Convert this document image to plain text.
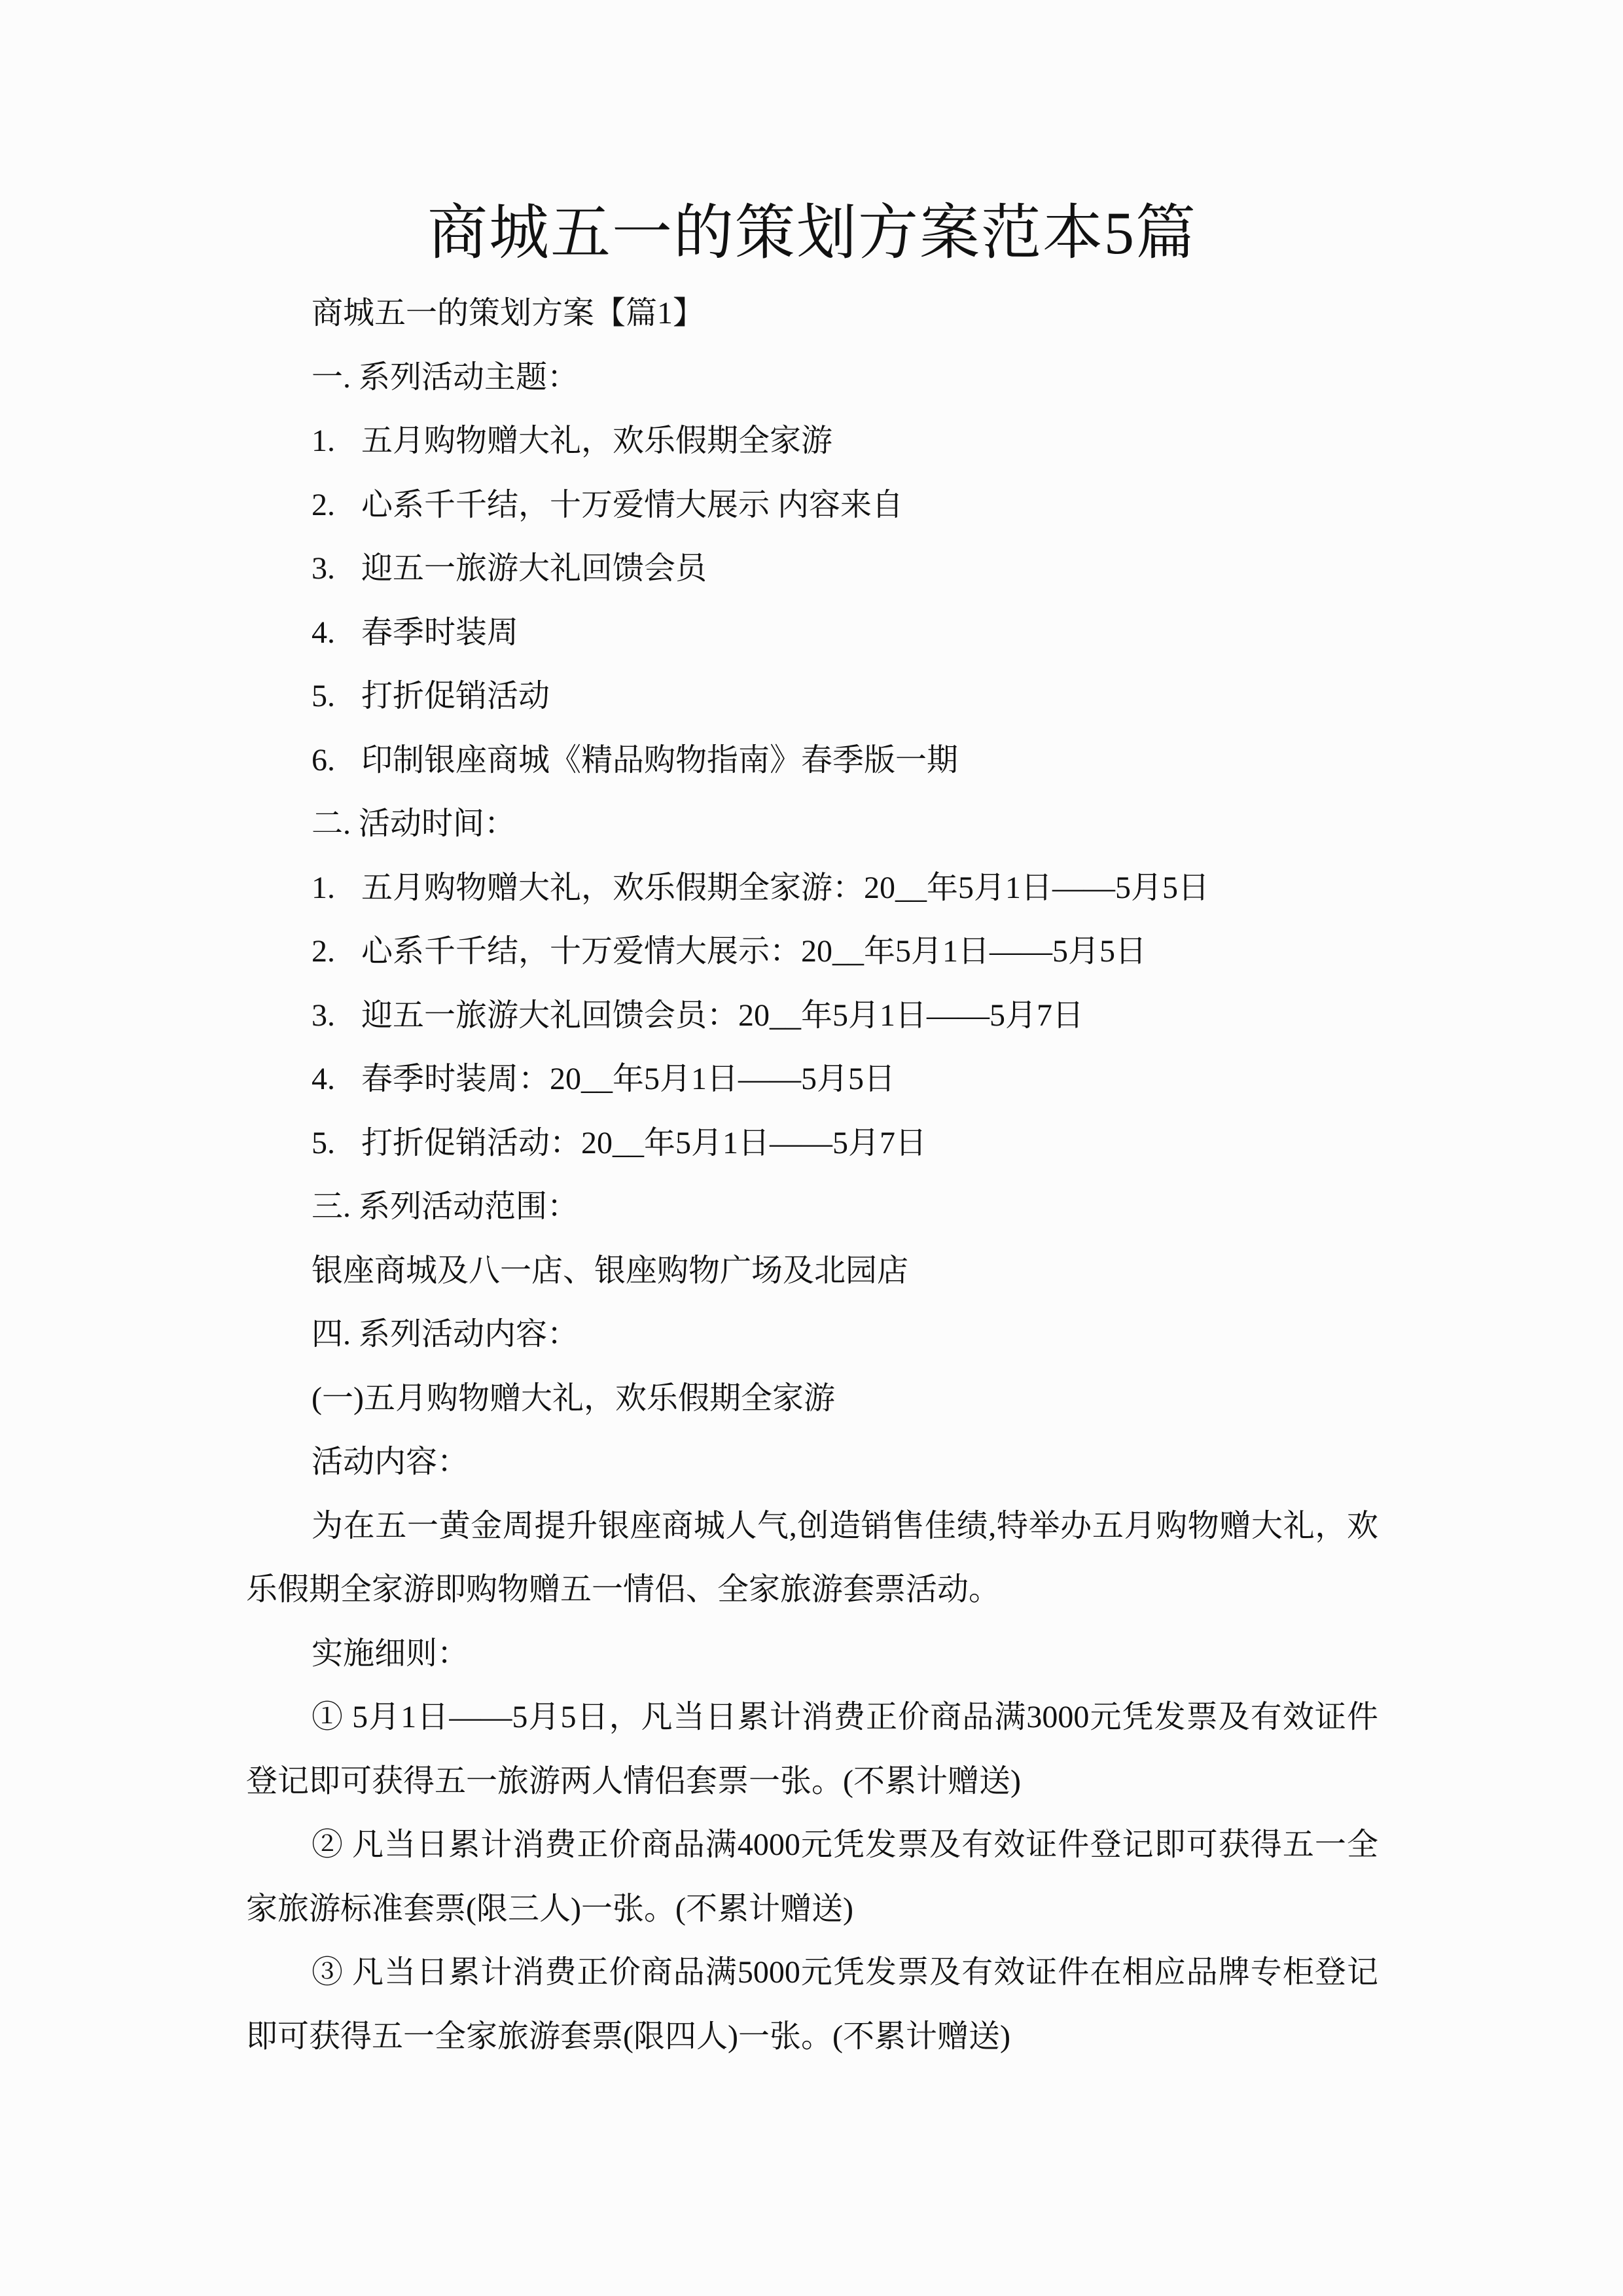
商城五一的策划方案范本5篇

商城五一的策划方案【篇1】

一. 系列活动主题：

1. 五月购物赠大礼，欢乐假期全家游

2. 心系千千结，十万爱情大展示 内容来自

3. 迎五一旅游大礼回馈会员

4. 春季时装周

5. 打折促销活动

6. 印制银座商城《精品购物指南》春季版一期

二. 活动时间：

1. 五月购物赠大礼，欢乐假期全家游：20__年5月1日——5月5日

2. 心系千千结，十万爱情大展示：20__年5月1日——5月5日

3. 迎五一旅游大礼回馈会员：20__年5月1日——5月7日

4. 春季时装周：20__年5月1日——5月5日

5. 打折促销活动：20__年5月1日——5月7日

三. 系列活动范围：

银座商城及八一店、银座购物广场及北园店

四. 系列活动内容：

(一)五月购物赠大礼，欢乐假期全家游

活动内容：

为在五一黄金周提升银座商城人气,创造销售佳绩,特举办五月购物赠大礼，欢乐假期全家游即购物赠五一情侣、全家旅游套票活动。

实施细则：

① 5月1日——5月5日，凡当日累计消费正价商品满3000元凭发票及有效证件登记即可获得五一旅游两人情侣套票一张。(不累计赠送)

② 凡当日累计消费正价商品满4000元凭发票及有效证件登记即可获得五一全家旅游标准套票(限三人)一张。(不累计赠送)

③ 凡当日累计消费正价商品满5000元凭发票及有效证件在相应品牌专柜登记即可获得五一全家旅游套票(限四人)一张。(不累计赠送)
